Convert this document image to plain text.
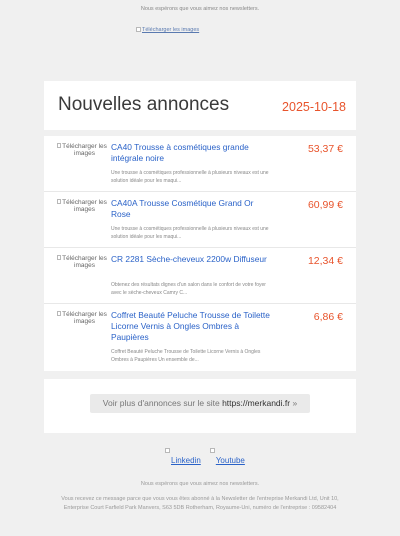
Nous espérons que vous aimez nos newsletters.
Télécharger les images
Nouvelles annonces	2025-10-18
Télécharger les images
CA40 Trousse à cosmétiques grande intégrale noire
53,37 €
Une trousse à cosmétiques professionnelle à plusieurs niveaux est une solution idéale pour les maqui...
Télécharger les images
CA40A Trousse Cosmétique Grand Or Rose
60,99 €
Une trousse à cosmétiques professionnelle à plusieurs niveaux est une solution idéale pour les maqui...
Télécharger les images
CR 2281 Sèche-cheveux 2200w Diffuseur	12,34 €
Obtenez des résultats dignes d'un salon dans le confort de votre foyer avec le sèche-cheveux Camry C...
Télécharger les images
Coffret Beauté Peluche Trousse de Toilette Licorne Vernis à Ongles Ombres à Paupières
6,86 €
Coffret Beauté Peluche Trousse de Toilette Licorne Vernis à Ongles Ombres à Paupières Un ensemble de...
Voir plus d'annonces sur le site https://merkandi.fr »
Linkedin Youtube
Nous espérons que vous aimez nos newsletters.
Vous recevez ce message parce que vous vous êtes abonné à la Newsletter de l'entreprise Merkandi Ltd, Unit 10, Enterprise Court Farfield Park Manvers, S63 5DB Rotherham, Royaume-Uni, numéro de l'entreprise : 09582404
